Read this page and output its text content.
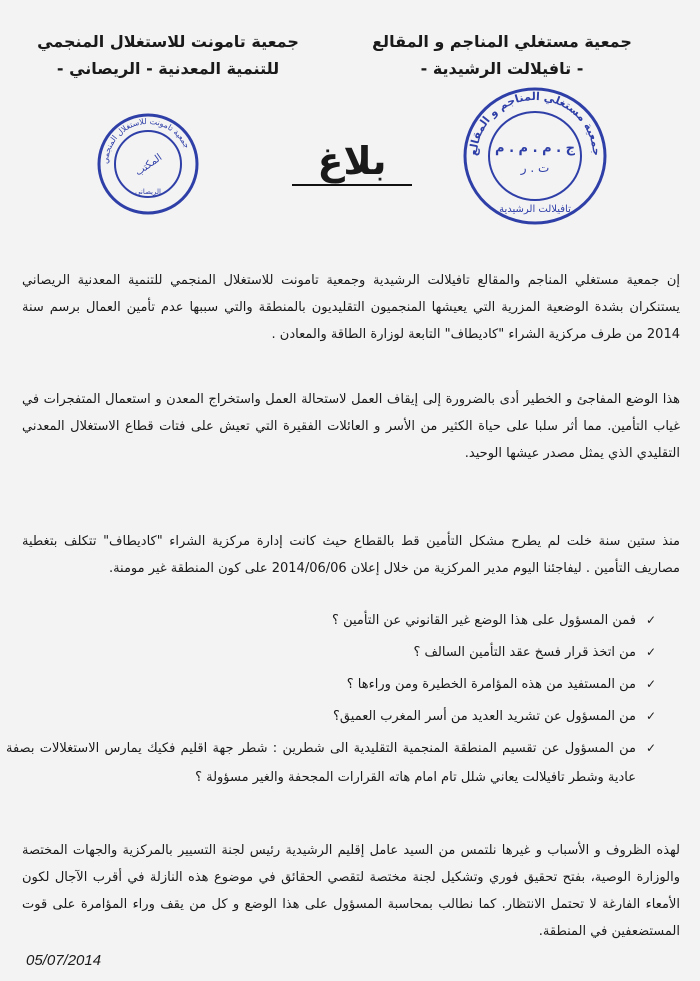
جمعية مستغلي المناجم و المقالع
- تافيلالت الرشيدية -
جمعية تامونت للاستغلال المنجمي
للتنمية المعدنية - الريصاني -
جمعية تامونت للاستغلال المنجمي
المكتب
الريصاني
جمعية مستغلي المناجم و المقالع
ج . م . م . م
ت . ر
تافيلالت الرشيدية
بلاغ

إن جمعية مستغلي المناجم والمقالع تافيلالت الرشيدية وجمعية تامونت للاستغلال المنجمي للتنمية المعدنية الريصاني يستنكران بشدة الوضعية المزرية التي يعيشها المنجميون التقليديون بالمنطقة والتي سببها عدم تأمين العمال برسم سنة 2014 من طرف مركزية الشراء "كاديطاف" التابعة لوزارة الطاقة والمعادن .

هذا الوضع المفاجئ و الخطير أدى بالضرورة إلى إيقاف العمل لاستحالة العمل واستخراج المعدن و استعمال المتفجرات في غياب التأمين. مما أثر سلبا على حياة الكثير من الأسر و العائلات الفقيرة التي تعيش على فتات قطاع الاستغلال المعدني التقليدي الذي يمثل مصدر عيشها الوحيد.

منذ ستين سنة خلت لم يطرح مشكل التأمين قط بالقطاع حيث كانت إدارة مركزية الشراء "كاديطاف" تتكلف بتغطية مصاريف التأمين . ليفاجئنا اليوم مدير المركزية من خلال إعلان 2014/06/06 على كون المنطقة غير مومنة.

✓
فمن المسؤول على هذا الوضع غير القانوني عن التأمين ؟
✓
من اتخذ قرار فسخ عقد التأمين السالف ؟
✓
من المستفيد من هذه المؤامرة الخطيرة ومن وراءها ؟
✓
من المسؤول عن تشريد العديد من أسر المغرب العميق؟
✓
من المسؤول عن تقسيم المنطقة المنجمية التقليدية الى شطرين : شطر جهة اقليم فكيك يمارس الاستغلالات بصفة عادية وشطر تافيلالت يعاني شلل تام امام هاته القرارات المجحفة والغير مسؤولة ؟

لهذه الظروف و الأسباب و غيرها نلتمس من السيد عامل إقليم الرشيدية رئيس لجنة التسيير بالمركزية والجهات المختصة والوزارة الوصية، بفتح تحقيق فوري وتشكيل لجنة مختصة لتقصي الحقائق في موضوع هذه النازلة في أقرب الآجال لكون الأمعاء الفارغة لا تحتمل الانتظار. كما نطالب بمحاسبة المسؤول على هذا الوضع و كل من يقف وراء المؤامرة على قوت المستضعفين في المنطقة.

05/07/2014
